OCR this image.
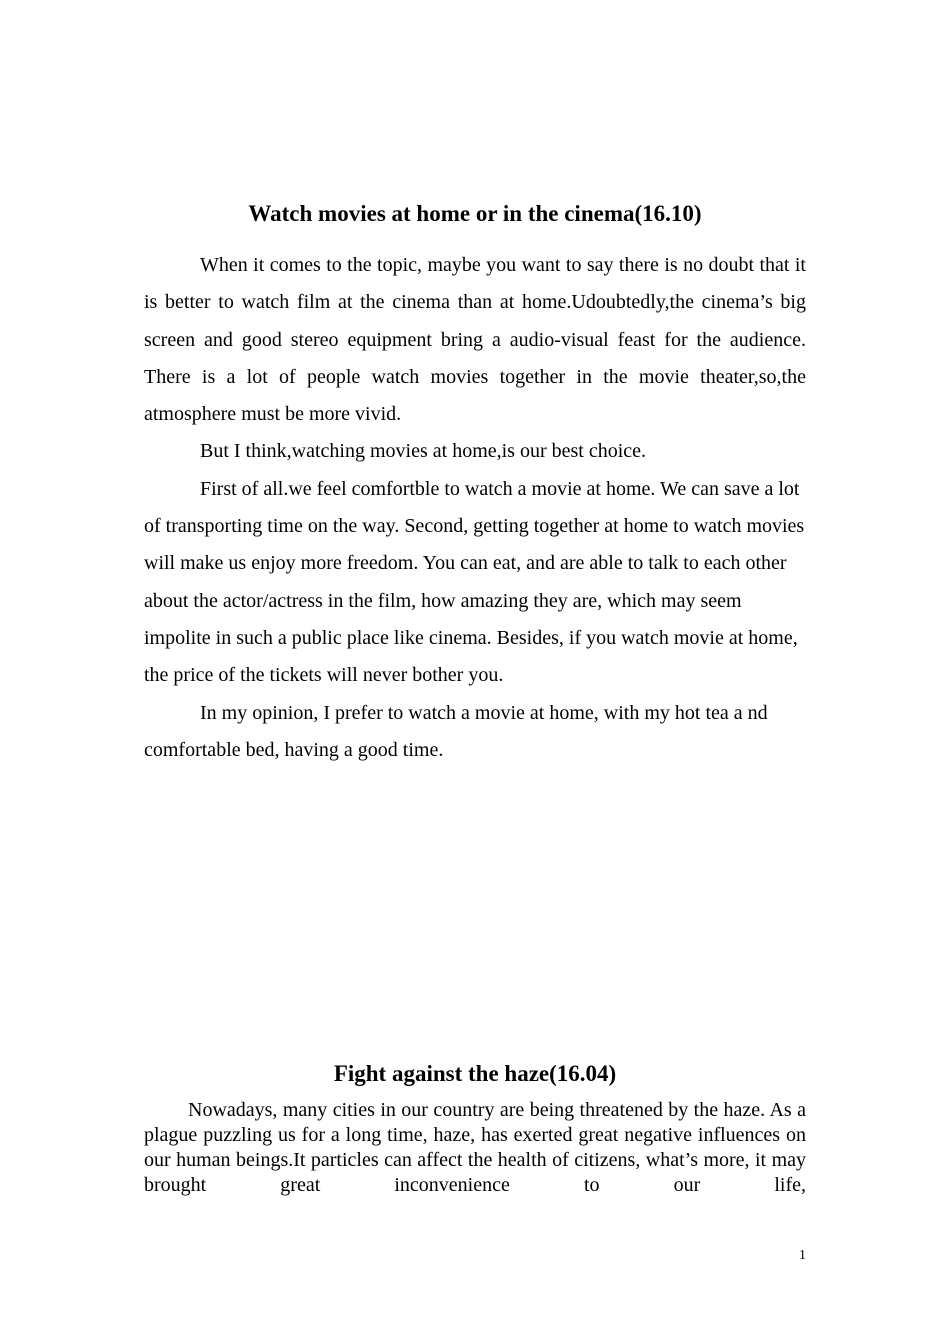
Watch movies at home or in the cinema(16.10)

When it comes to the topic, maybe you want to say there is no doubt that it is better to watch film at the cinema than at home.Udoubtedly,the cinema’s big screen and good stereo equipment bring a audio-visual feast for the audience. There is a lot of people watch movies together in the movie theater,so,the atmosphere must be more vivid.

But I think,watching movies at home,is our best choice.

First of all.we feel comfortble to watch a movie at home. We can save a lot of transporting time on the way. Second, getting together at home to watch movies will make us enjoy more freedom. You can eat, and are able to talk to each other about the actor/actress in the film, how amazing they are, which may seem impolite in such a public place like cinema. Besides, if you watch movie at home, the price of the tickets will never bother you.

In my opinion, I prefer to watch a movie at home, with my hot tea a nd comfortable bed, having a good time.

Fight against the haze(16.04)

Nowadays, many cities in our country are being threatened by the haze. As a plague puzzling us for a long time, haze, has exerted great negative influences on our human beings.It particles can affect the health of citizens, what’s more, it may brought great inconvenience to our life,

1
